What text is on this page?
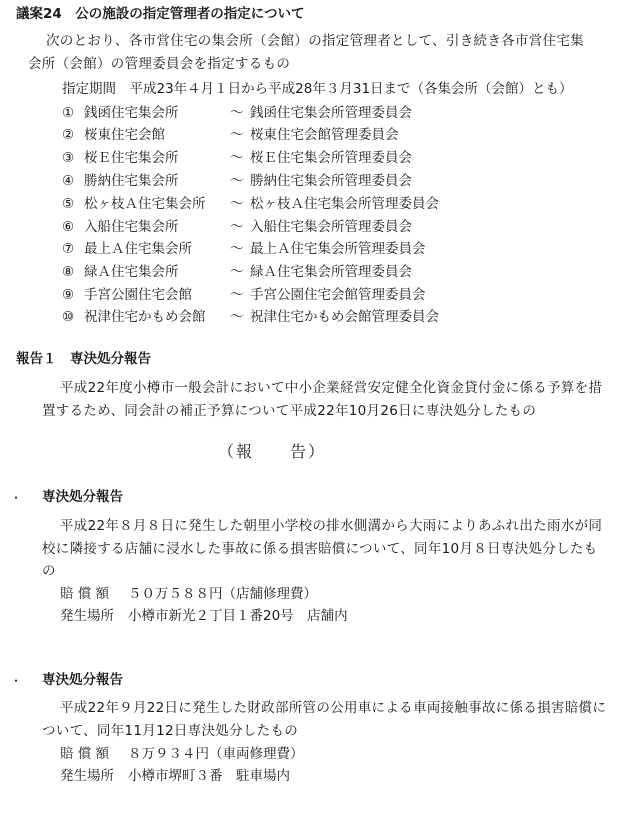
議案24　公の施設の指定管理者の指定について
次のとおり、各市営住宅の集会所（会館）の指定管理者として、引き続き各市営住宅集
会所（会館）の管理委員会を指定するもの
指定期間　平成23年４月１日から平成28年３月31日まで（各集会所（会館）とも）
① 銭函住宅集会所	～ 銭函住宅集会所管理委員会
② 桜東住宅会館	～ 桜東住宅会館管理委員会
③ 桜Ｅ住宅集会所	～ 桜Ｅ住宅集会所管理委員会
④ 勝納住宅集会所	～ 勝納住宅集会所管理委員会
⑤ 松ヶ枝Ａ住宅集会所 ～ 松ヶ枝Ａ住宅集会所管理委員会
⑥ 入船住宅集会所	～ 入船住宅集会所管理委員会
⑦ 最上Ａ住宅集会所	～ 最上Ａ住宅集会所管理委員会
⑧ 緑Ａ住宅集会所	～ 緑Ａ住宅集会所管理委員会
⑨ 手宮公園住宅会館	～ 手宮公園住宅会館管理委員会
⑩ 祝津住宅かもめ会館 ～ 祝津住宅かもめ会館管理委員会
報告１　専決処分報告
平成22年度小樽市一般会計において中小企業経営安定健全化資金貸付金に係る予算を措
置するため、同会計の補正予算について平成22年10月26日に専決処分したもの
（報　　告）
・ 専決処分報告
平成22年８月８日に発生した朝里小学校の排水側溝から大雨によりあふれ出た雨水が同
校に隣接する店舗に浸水した事故に係る損害賠償について、同年10月８日専決処分したも
の
賠 償 額 ５０万５８８円（店舗修理費）
発生場所 小樽市新光２丁目１番20号　店舗内
・ 専決処分報告
平成22年９月22日に発生した財政部所管の公用車による車両接触事故に係る損害賠償に
ついて、同年11月12日専決処分したもの
賠 償 額 ８万９３４円（車両修理費）
発生場所 小樽市堺町３番　駐車場内
